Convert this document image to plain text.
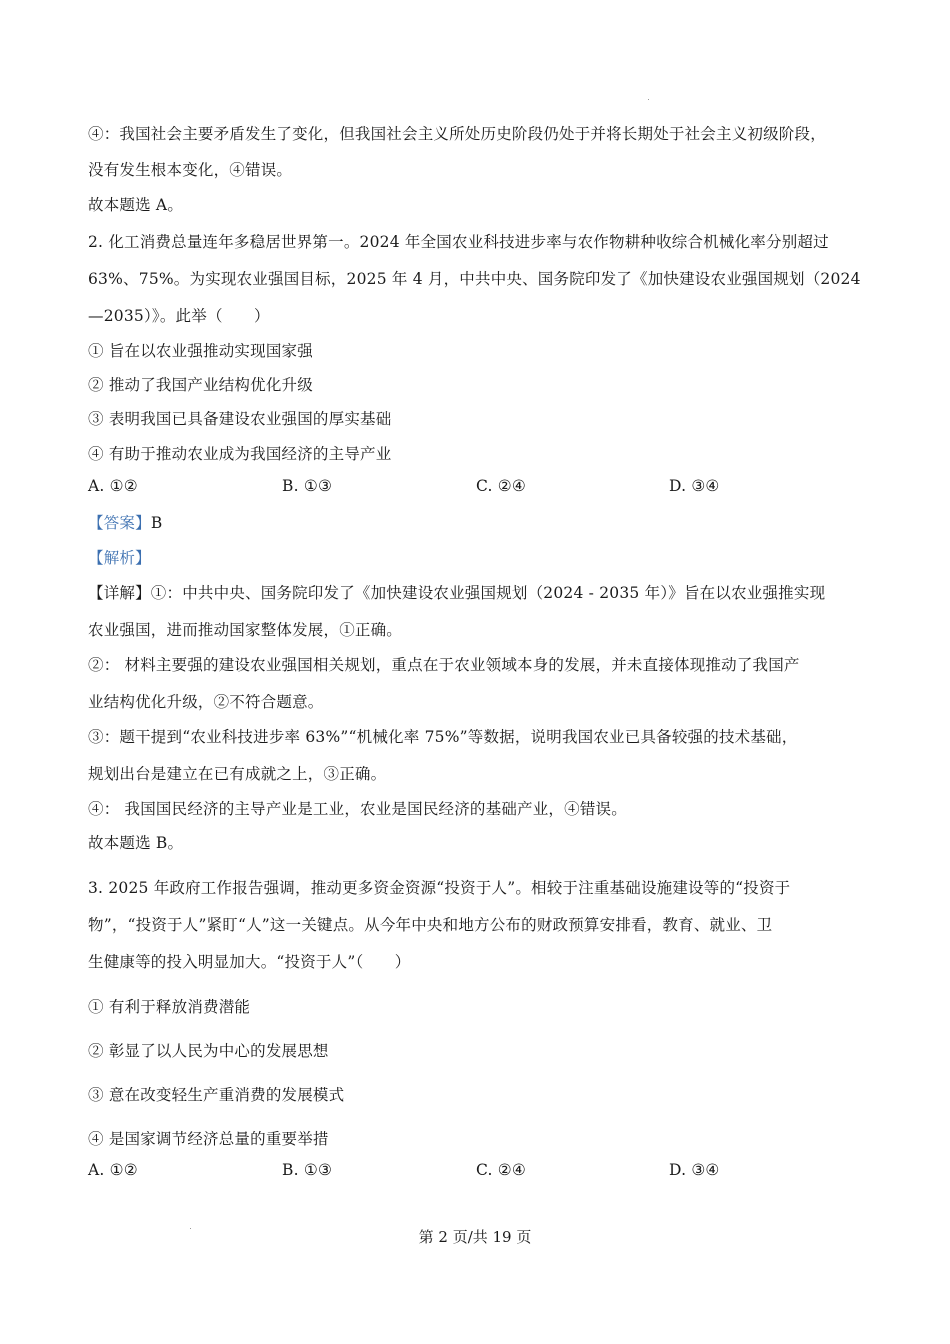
④：我国社会主要矛盾发生了变化，但我国社会主义所处历史阶段仍处于并将长期处于社会主义初级阶段，
没有发生根本变化，④错误。
故本题选 A。
2. 化工消费总量连年多稳居世界第一。2024 年全国农业科技进步率与农作物耕种收综合机械化率分别超过
63%、75%。为实现农业强国目标，2025 年 4 月，中共中央、国务院印发了《加快建设农业强国规划（2024
—2035）》。此举（　　）
① 旨在以农业强推动实现国家强
② 推动了我国产业结构优化升级
③ 表明我国已具备建设农业强国的厚实基础
④ 有助于推动农业成为我国经济的主导产业
A. ①②	B. ①③	C. ②④	D. ③④
【答案】B
【解析】
【详解】①：中共中央、国务院印发了《加快建设农业强国规划（2024 - 2035 年）》旨在以农业强推实现
农业强国，进而推动国家整体发展，①正确。
②： 材料主要强的建设农业强国相关规划，重点在于农业领域本身的发展，并未直接体现推动了我国产
业结构优化升级，②不符合题意。
③：题干提到“农业科技进步率 63%”“机械化率 75%”等数据，说明我国农业已具备较强的技术基础，
规划出台是建立在已有成就之上，③正确。
④： 我国国民经济的主导产业是工业，农业是国民经济的基础产业，④错误。
故本题选 B。
3. 2025 年政府工作报告强调，推动更多资金资源“投资于人”。相较于注重基础设施建设等的“投资于
物”，“投资于人”紧盯“人”这一关键点。从今年中央和地方公布的财政预算安排看，教育、就业、卫
生健康等的投入明显加大。“投资于人”（　　）
① 有利于释放消费潜能
② 彰显了以人民为中心的发展思想
③ 意在改变轻生产重消费的发展模式
④ 是国家调节经济总量的重要举措
A. ①②	B. ①③	C. ②④	D. ③④
第 2 页/共 19 页
